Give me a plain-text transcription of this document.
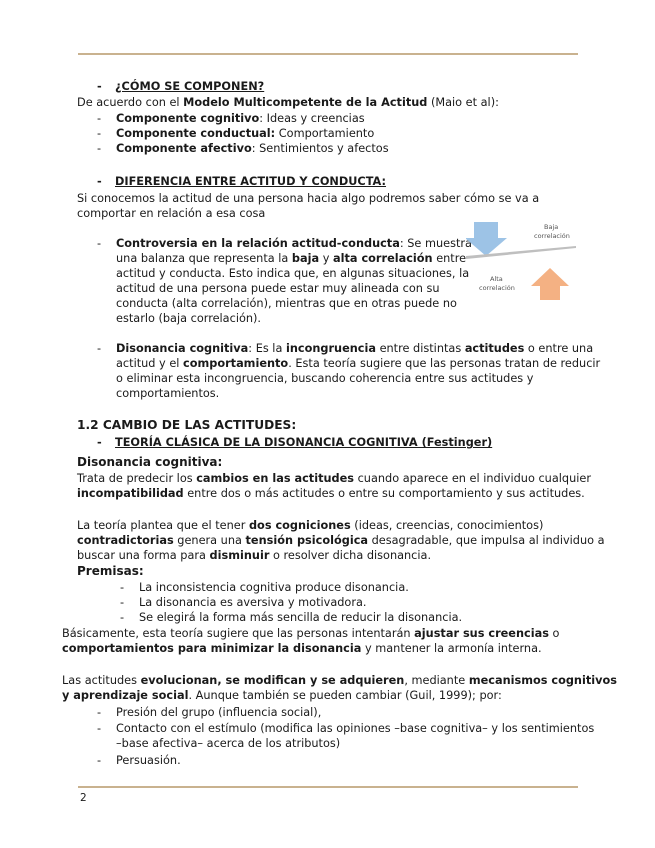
- ¿CÓMO SE COMPONEN?
De acuerdo con el Modelo Multicompetente de la Actitud (Maio et al):
- Componente cognitivo: Ideas y creencias
- Componente conductual: Comportamiento
- Componente afectivo: Sentimientos y afectos
- DIFERENCIA ENTRE ACTITUD Y CONDUCTA:
Si conocemos la actitud de una persona hacia algo podremos saber cómo se va a
comportar en relación a esa cosa
- Controversia en la relación actitud-conducta: Se muestra
una balanza que representa la baja y alta correlación entre
actitud y conducta. Esto indica que, en algunas situaciones, la
actitud de una persona puede estar muy alineada con su
conducta (alta correlación), mientras que en otras puede no
estarlo (baja correlación).
Baja
correlación
Alta
correlación
- Disonancia cognitiva: Es la incongruencia entre distintas actitudes o entre una
actitud y el comportamiento. Esta teoría sugiere que las personas tratan de reducir
o eliminar esta incongruencia, buscando coherencia entre sus actitudes y
comportamientos.
1.2 CAMBIO DE LAS ACTITUDES:
- TEORÍA CLÁSICA DE LA DISONANCIA COGNITIVA (Festinger)
Disonancia cognitiva:
Trata de predecir los cambios en las actitudes cuando aparece en el individuo cualquier
incompatibilidad entre dos o más actitudes o entre su comportamiento y sus actitudes.
La teoría plantea que el tener dos cogniciones (ideas, creencias, conocimientos)
contradictorias genera una tensión psicológica desagradable, que impulsa al individuo a
buscar una forma para disminuir o resolver dicha disonancia.
Premisas:
- La inconsistencia cognitiva produce disonancia.
- La disonancia es aversiva y motivadora.
- Se elegirá la forma más sencilla de reducir la disonancia.
Básicamente, esta teoría sugiere que las personas intentarán ajustar sus creencias o
comportamientos para minimizar la disonancia y mantener la armonía interna.
Las actitudes evolucionan, se modifican y se adquieren, mediante mecanismos cognitivos
y aprendizaje social. Aunque también se pueden cambiar (Guil, 1999); por:
- Presión del grupo (influencia social),
- Contacto con el estímulo (modifica las opiniones –base cognitiva– y los sentimientos
–base afectiva– acerca de los atributos)
- Persuasión.
2
